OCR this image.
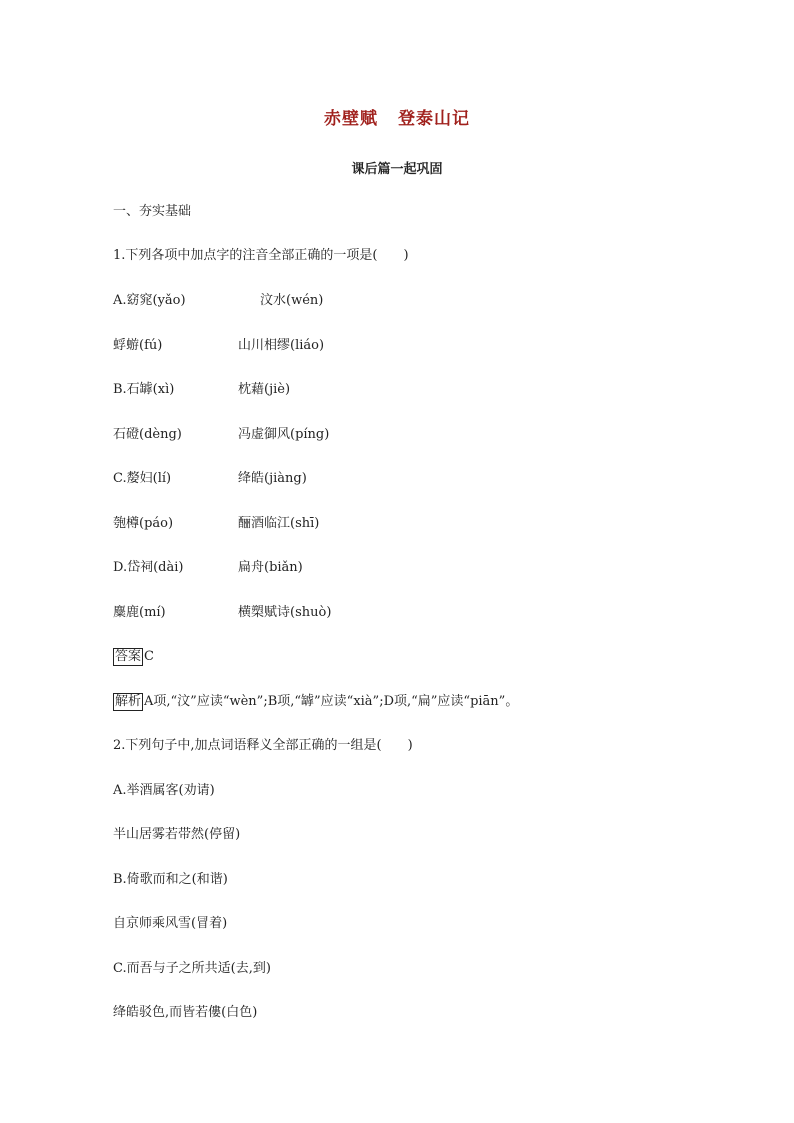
赤壁赋 登泰山记
课后篇一起巩固
一、夯实基础
1.下列各项中加点字的注音全部正确的一项是(　　)
A.窈窕(yǎo)	汶水(wén)
蜉蝣(fú)	山川相缪(liáo)
B.石罅(xì)	枕藉(jiè)
石磴(dèng)	冯虚御风(píng)
C.嫠妇(lí)	绛皓(jiàng)
匏樽(páo)	酾酒临江(shī)
D.岱祠(dài)	扁舟(biǎn)
麋鹿(mí)	横槊赋诗(shuò)
答案 C
解析 A项,“汶”应读“wèn”;B项,“罅”应读“xià”;D项,“扁”应读“piān”。
2.下列句子中,加点词语释义全部正确的一组是(　　)
A.举酒属客(劝请)
半山居雾若带然(停留)
B.倚歌而和之(和谐)
自京师乘风雪(冒着)
C.而吾与子之所共适(去,到)
绛皓驳色,而皆若僂(白色)
